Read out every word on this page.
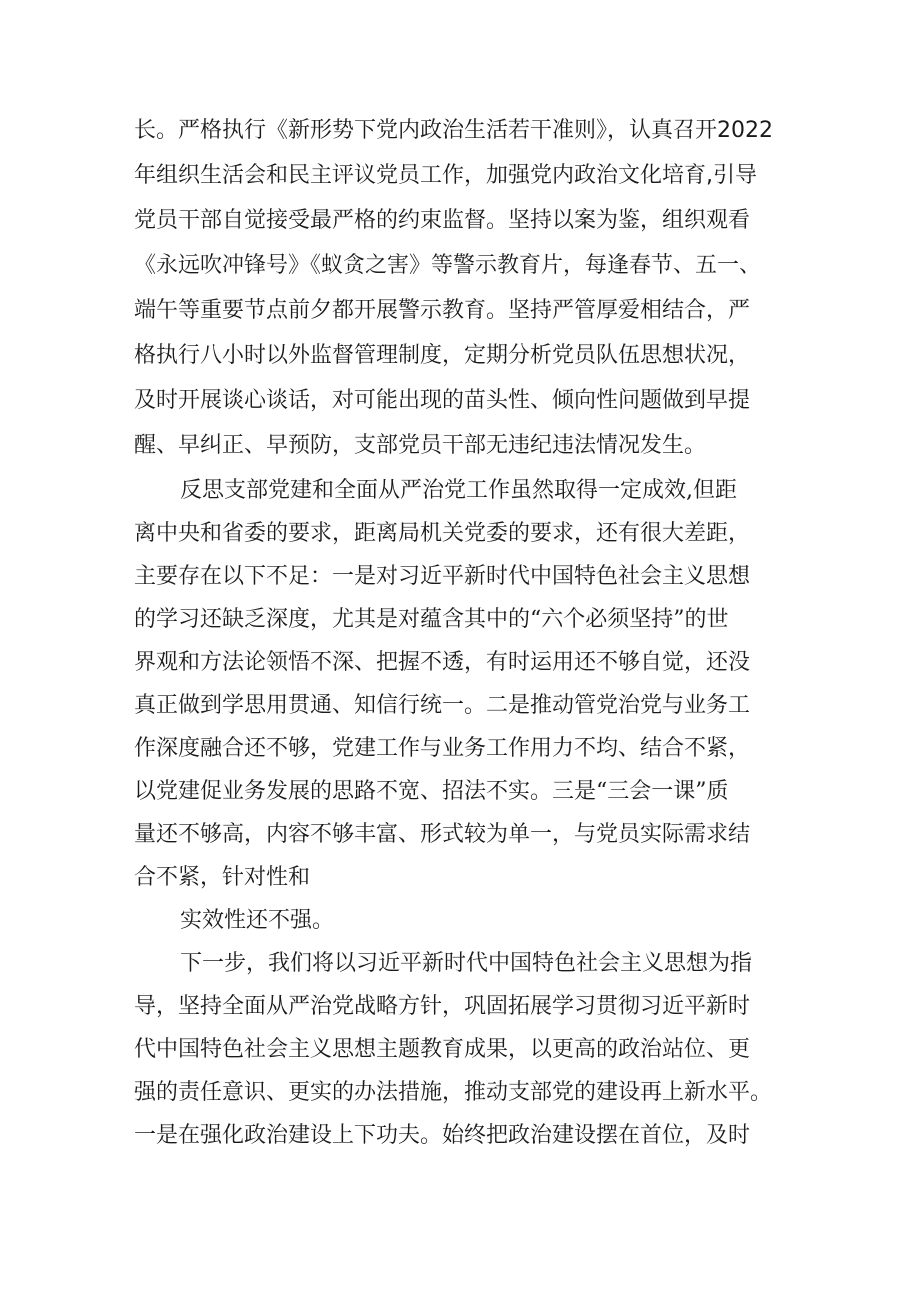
长。严格执行《新形势下党内政治生活若干准则》，认真召开2022
年组织生活会和民主评议党员工作，加强党内政治文化培育,引导
党员干部自觉接受最严格的约束监督。坚持以案为鉴，组织观看
《永远吹冲锋号》《蚁贪之害》等警示教育片，每逢春节、五一、
端午等重要节点前夕都开展警示教育。坚持严管厚爱相结合，严
格执行八小时以外监督管理制度，定期分析党员队伍思想状况，
及时开展谈心谈话，对可能出现的苗头性、倾向性问题做到早提
醒、早纠正、早预防，支部党员干部无违纪违法情况发生。
反思支部党建和全面从严治党工作虽然取得一定成效,但距
离中央和省委的要求，距离局机关党委的要求，还有很大差距，
主要存在以下不足：一是对习近平新时代中国特色社会主义思想
的学习还缺乏深度，尤其是对蕴含其中的“六个必须坚持”的世
界观和方法论领悟不深、把握不透，有时运用还不够自觉，还没
真正做到学思用贯通、知信行统一。二是推动管党治党与业务工
作深度融合还不够，党建工作与业务工作用力不均、结合不紧，
以党建促业务发展的思路不宽、招法不实。三是“三会一课”质
量还不够高，内容不够丰富、形式较为单一，与党员实际需求结
合不紧，针对性和
实效性还不强。
下一步，我们将以习近平新时代中国特色社会主义思想为指
导，坚持全面从严治党战略方针，巩固拓展学习贯彻习近平新时
代中国特色社会主义思想主题教育成果，以更高的政治站位、更
强的责任意识、更实的办法措施，推动支部党的建设再上新水平。
一是在强化政治建设上下功夫。始终把政治建设摆在首位，及时
